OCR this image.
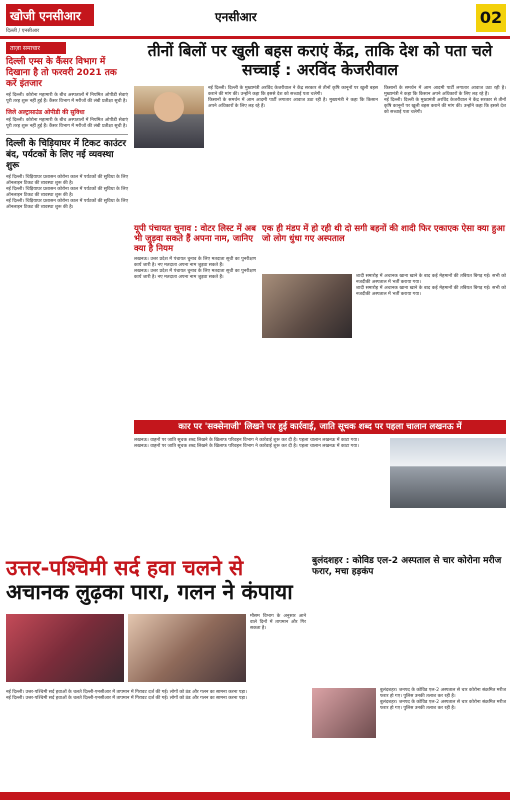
खोजी एनसीआर
दिल्ली / एनसीआर
एनसीआर	02
ताज़ा समाचार
दिल्ली एम्स के कैंसर विभाग में दिखाना है तो फरवरी 2021 तक करें इंतजार
नई दिल्ली। कोरोना महामारी के बीच अस्पतालों में नियमित ओपीडी सेवाएं पूरी तरह शुरू नहीं हुई हैं। कैंसर विभाग में मरीजों की लंबी प्रतीक्षा सूची है।
जिले अल्ट्रासाउंड ओपीडी की सुविधा
नई दिल्ली। कोरोना महामारी के बीच अस्पतालों में नियमित ओपीडी सेवाएं पूरी तरह शुरू नहीं हुई हैं। कैंसर विभाग में मरीजों की लंबी प्रतीक्षा सूची है।
दिल्ली के चिड़ियाघर में टिकट काउंटर बंद, पर्यटकों के लिए नई व्यवस्था शुरू
नई दिल्ली। चिड़ियाघर प्रशासन कोरोना काल में पर्यटकों की सुविधा के लिए ऑनलाइन टिकट की व्यवस्था शुरू की है।
नई दिल्ली। चिड़ियाघर प्रशासन कोरोना काल में पर्यटकों की सुविधा के लिए ऑनलाइन टिकट की व्यवस्था शुरू की है।
नई दिल्ली। चिड़ियाघर प्रशासन कोरोना काल में पर्यटकों की सुविधा के लिए ऑनलाइन टिकट की व्यवस्था शुरू की है।
तीनों बिलों पर खुली बहस कराएं केंद्र, ताकि देश को पता चले सच्चाई : अरविंद केजरीवाल
नई दिल्ली। दिल्ली के मुख्यमंत्री अरविंद केजरीवाल ने केंद्र सरकार से तीनों कृषि कानूनों पर खुली बहस कराने की मांग की। उन्होंने कहा कि इससे देश को सच्चाई पता चलेगी।
किसानों के समर्थन में आम आदमी पार्टी लगातार आवाज उठा रही है। मुख्यमंत्री ने कहा कि किसान अपने अधिकारों के लिए लड़ रहे हैं।
किसानों के समर्थन में आम आदमी पार्टी लगातार आवाज उठा रही है। मुख्यमंत्री ने कहा कि किसान अपने अधिकारों के लिए लड़ रहे हैं।
नई दिल्ली। दिल्ली के मुख्यमंत्री अरविंद केजरीवाल ने केंद्र सरकार से तीनों कृषि कानूनों पर खुली बहस कराने की मांग की। उन्होंने कहा कि इससे देश को सच्चाई पता चलेगी।
यूपी पंचायत चुनाव : वोटर लिस्ट में अब भी जुड़वा सकते हैं अपना नाम, जानिए क्या है नियम
लखनऊ। उत्तर प्रदेश में पंचायत चुनाव के लिए मतदाता सूची का पुनरीक्षण कार्य जारी है। नए मतदाता अपना नाम जुड़वा सकते हैं।
लखनऊ। उत्तर प्रदेश में पंचायत चुनाव के लिए मतदाता सूची का पुनरीक्षण कार्य जारी है। नए मतदाता अपना नाम जुड़वा सकते हैं।
एक ही मंडप में हो रही थी दो सगी बहनों की शादी फिर एकाएक ऐसा क्या हुआ जो लोग धुंधा गए अस्पताल
शादी समारोह में अचानक खाना खाने के बाद कई मेहमानों की तबियत बिगड़ गई। सभी को नजदीकी अस्पताल में भर्ती कराया गया।
शादी समारोह में अचानक खाना खाने के बाद कई मेहमानों की तबियत बिगड़ गई। सभी को नजदीकी अस्पताल में भर्ती कराया गया।
कार पर 'सक्सेनाजी' लिखने पर हुई कार्रवाई, जाति सूचक शब्द पर पहला चालान लखनऊ में
लखनऊ। वाहनों पर जाति सूचक शब्द लिखने के खिलाफ परिवहन विभाग ने कार्रवाई शुरू कर दी है। पहला चालान लखनऊ में काटा गया।
लखनऊ। वाहनों पर जाति सूचक शब्द लिखने के खिलाफ परिवहन विभाग ने कार्रवाई शुरू कर दी है। पहला चालान लखनऊ में काटा गया।
उत्तर-पश्चिमी सर्द हवा चलने से
अचानक लुढ़का पारा, गलन ने कंपाया
मौसम विभाग के अनुसार आने वाले दिनों में तापमान और गिर सकता है।
नई दिल्ली। उत्तर-पश्चिमी सर्द हवाओं के चलते दिल्ली-एनसीआर में तापमान में गिरावट दर्ज की गई। लोगों को ठंड और गलन का सामना करना पड़ा।
नई दिल्ली। उत्तर-पश्चिमी सर्द हवाओं के चलते दिल्ली-एनसीआर में तापमान में गिरावट दर्ज की गई। लोगों को ठंड और गलन का सामना करना पड़ा।
बुलंदशहर : कोविड एल-2 अस्पताल से चार कोरोना मरीज फरार, मचा हड़कंप
बुलंदशहर। जनपद के कोविड एल-2 अस्पताल से चार कोरोना संक्रमित मरीज फरार हो गए। पुलिस उनकी तलाश कर रही है।
बुलंदशहर। जनपद के कोविड एल-2 अस्पताल से चार कोरोना संक्रमित मरीज फरार हो गए। पुलिस उनकी तलाश कर रही है।
